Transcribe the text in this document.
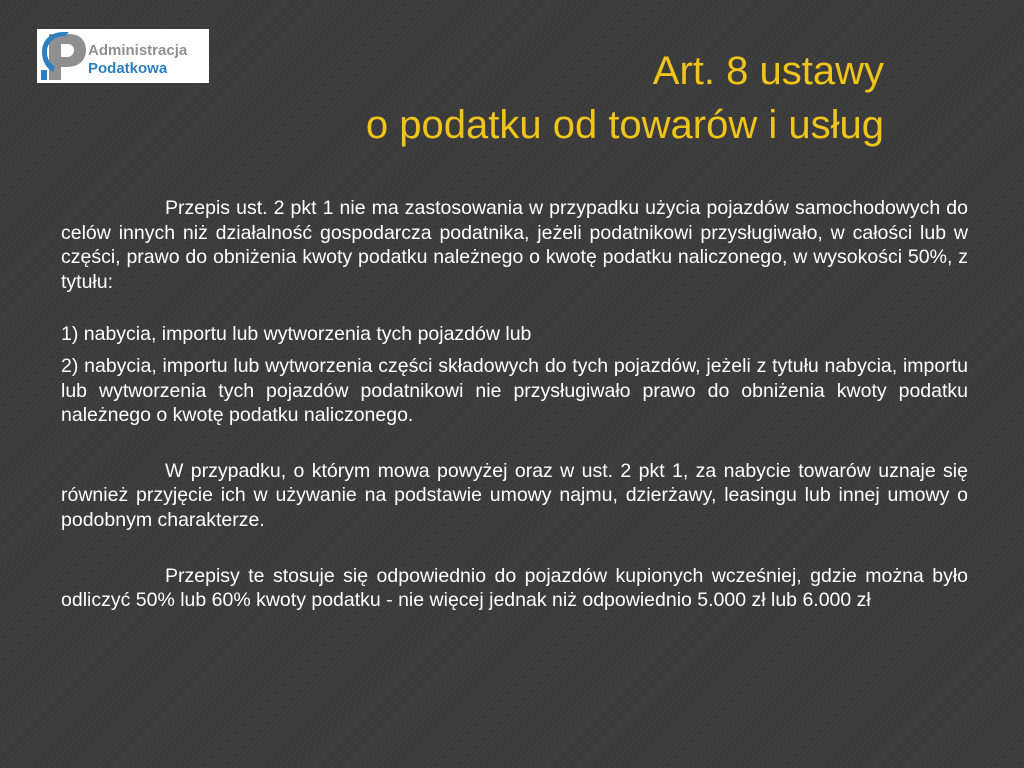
Administracja
Podatkowa	Art. 8 ustawy
o podatku od towarów i usług

Przepis ust. 2 pkt 1 nie ma zastosowania w przypadku użycia pojazdów samochodowych do celów innych niż działalność gospodarcza podatnika, jeżeli podatnikowi przysługiwało, w całości lub w części, prawo do obniżenia kwoty podatku należnego o kwotę podatku naliczonego, w wysokości 50%, z tytułu:

1) nabycia, importu lub wytworzenia tych pojazdów lub

2) nabycia, importu lub wytworzenia części składowych do tych pojazdów, jeżeli z tytułu nabycia, importu lub wytworzenia tych pojazdów podatnikowi nie przysługiwało prawo do obniżenia kwoty podatku należnego o kwotę podatku naliczonego.

W przypadku, o którym mowa powyżej oraz w ust. 2 pkt 1, za nabycie towarów uznaje się również przyjęcie ich w używanie na podstawie umowy najmu, dzierżawy, leasingu lub innej umowy o podobnym charakterze.

Przepisy te stosuje się odpowiednio do pojazdów kupionych wcześniej, gdzie można było odliczyć 50% lub 60% kwoty podatku - nie więcej jednak niż odpowiednio 5.000 zł lub 6.000 zł
